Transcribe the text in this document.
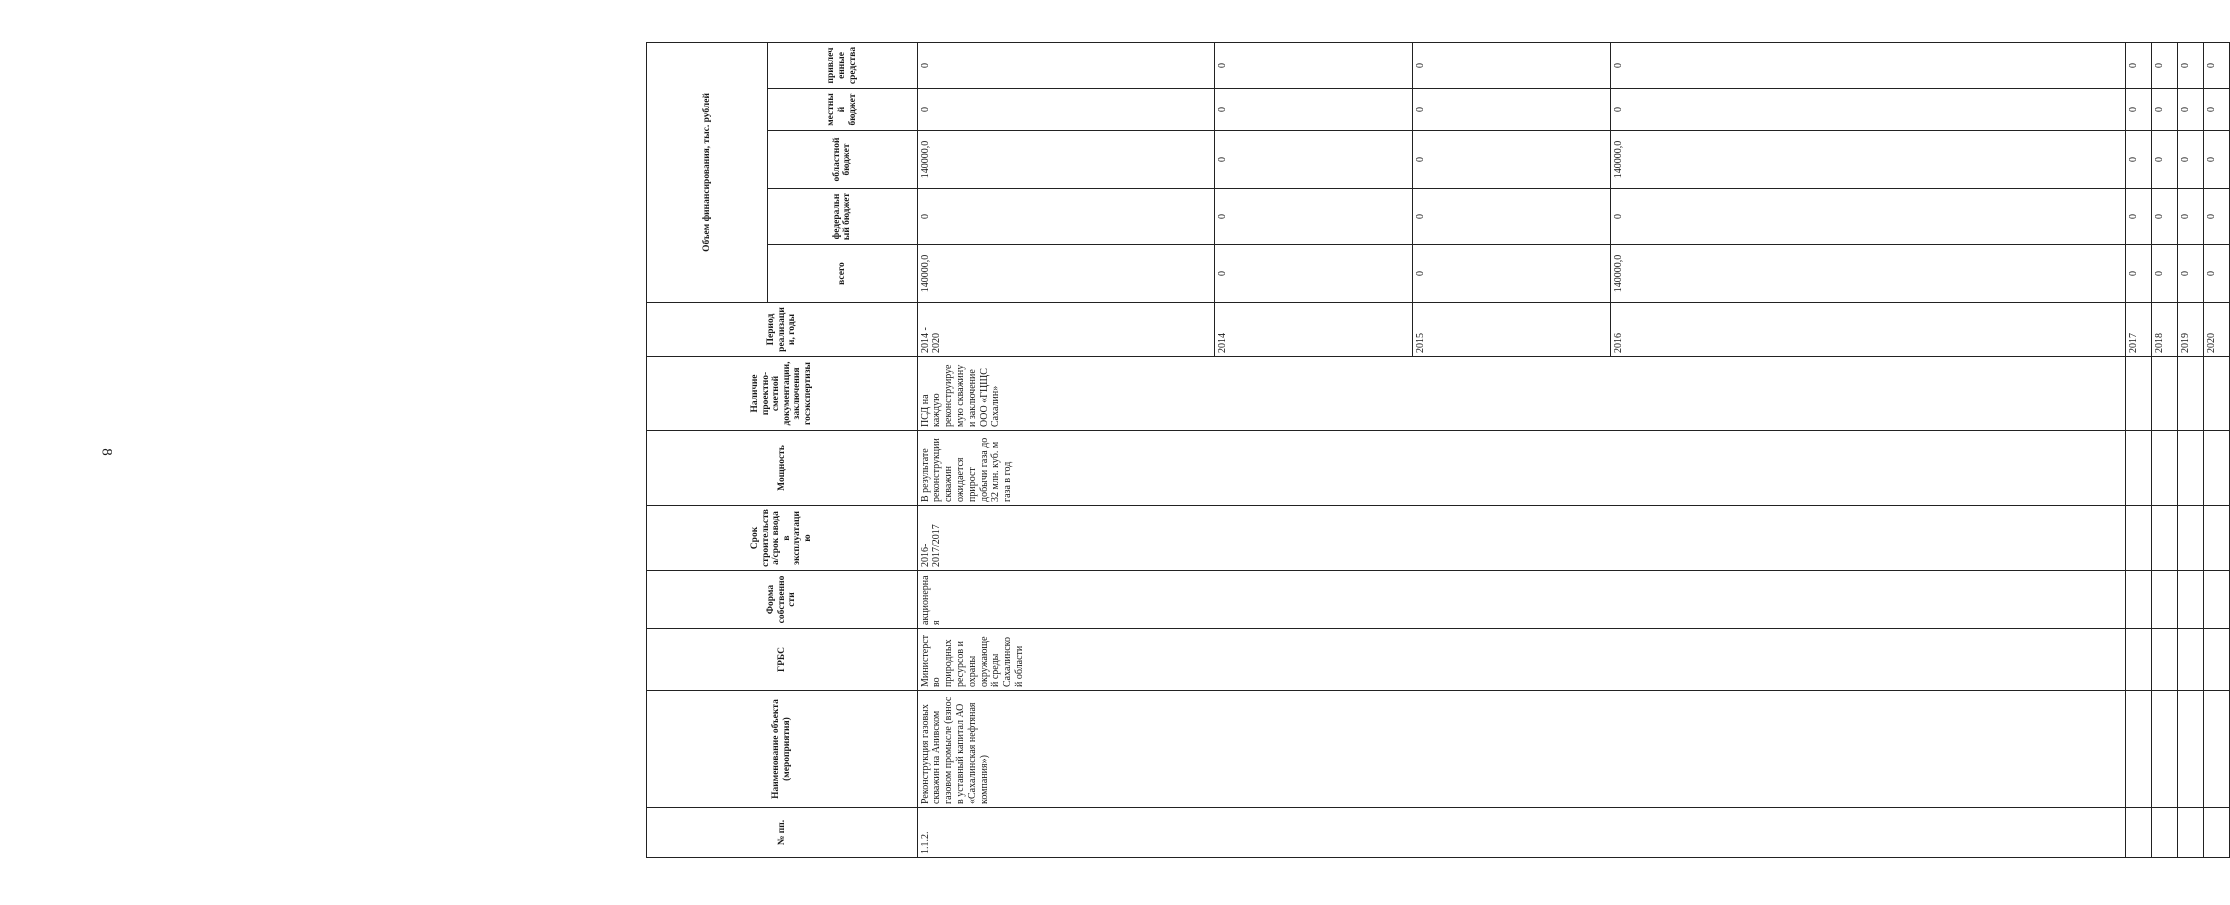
8
№ пп.	Наименование объекта (мероприятия)	ГРБС	Форма собственности	Срок строительства/срок ввода в эксплуатацию	Мощность	Наличие проектно-сметной документации, заключения госэкспертизы	Период реализации, годы	Объем финансирования, тыс. рублей	
								всего	федеральный бюджет	областной бюджет	местный бюджет	привлеченные средства	
1.1.2.	Реконструкция газовых скважин на Анивском газовом промысле (взнос в уставный капитал АО «Сахалинская нефтяная компания»)	Министерство природных ресурсов и охраны окружающей среды Сахалинской области	акционерная	2016-2017/2017	В результате реконструкции скважин ожидается прирост добычи газа до 32 млн. куб. м газа в год	ПСД на каждую реконструируемую скважину и заключение ООО «ГЦЩС Сахалин»	2014 - 2020	140000,0	0	140000,0	0	0	
							2014	0	0	0	0	0	
							2015	0	0	0	0	0	
							2016	140000,0	0	140000,0	0	0	
							2017	0	0	0	0	0	
							2018	0	0	0	0	0	
							2019	0	0	0	0	0	
							2020	0	0	0	0	0	
